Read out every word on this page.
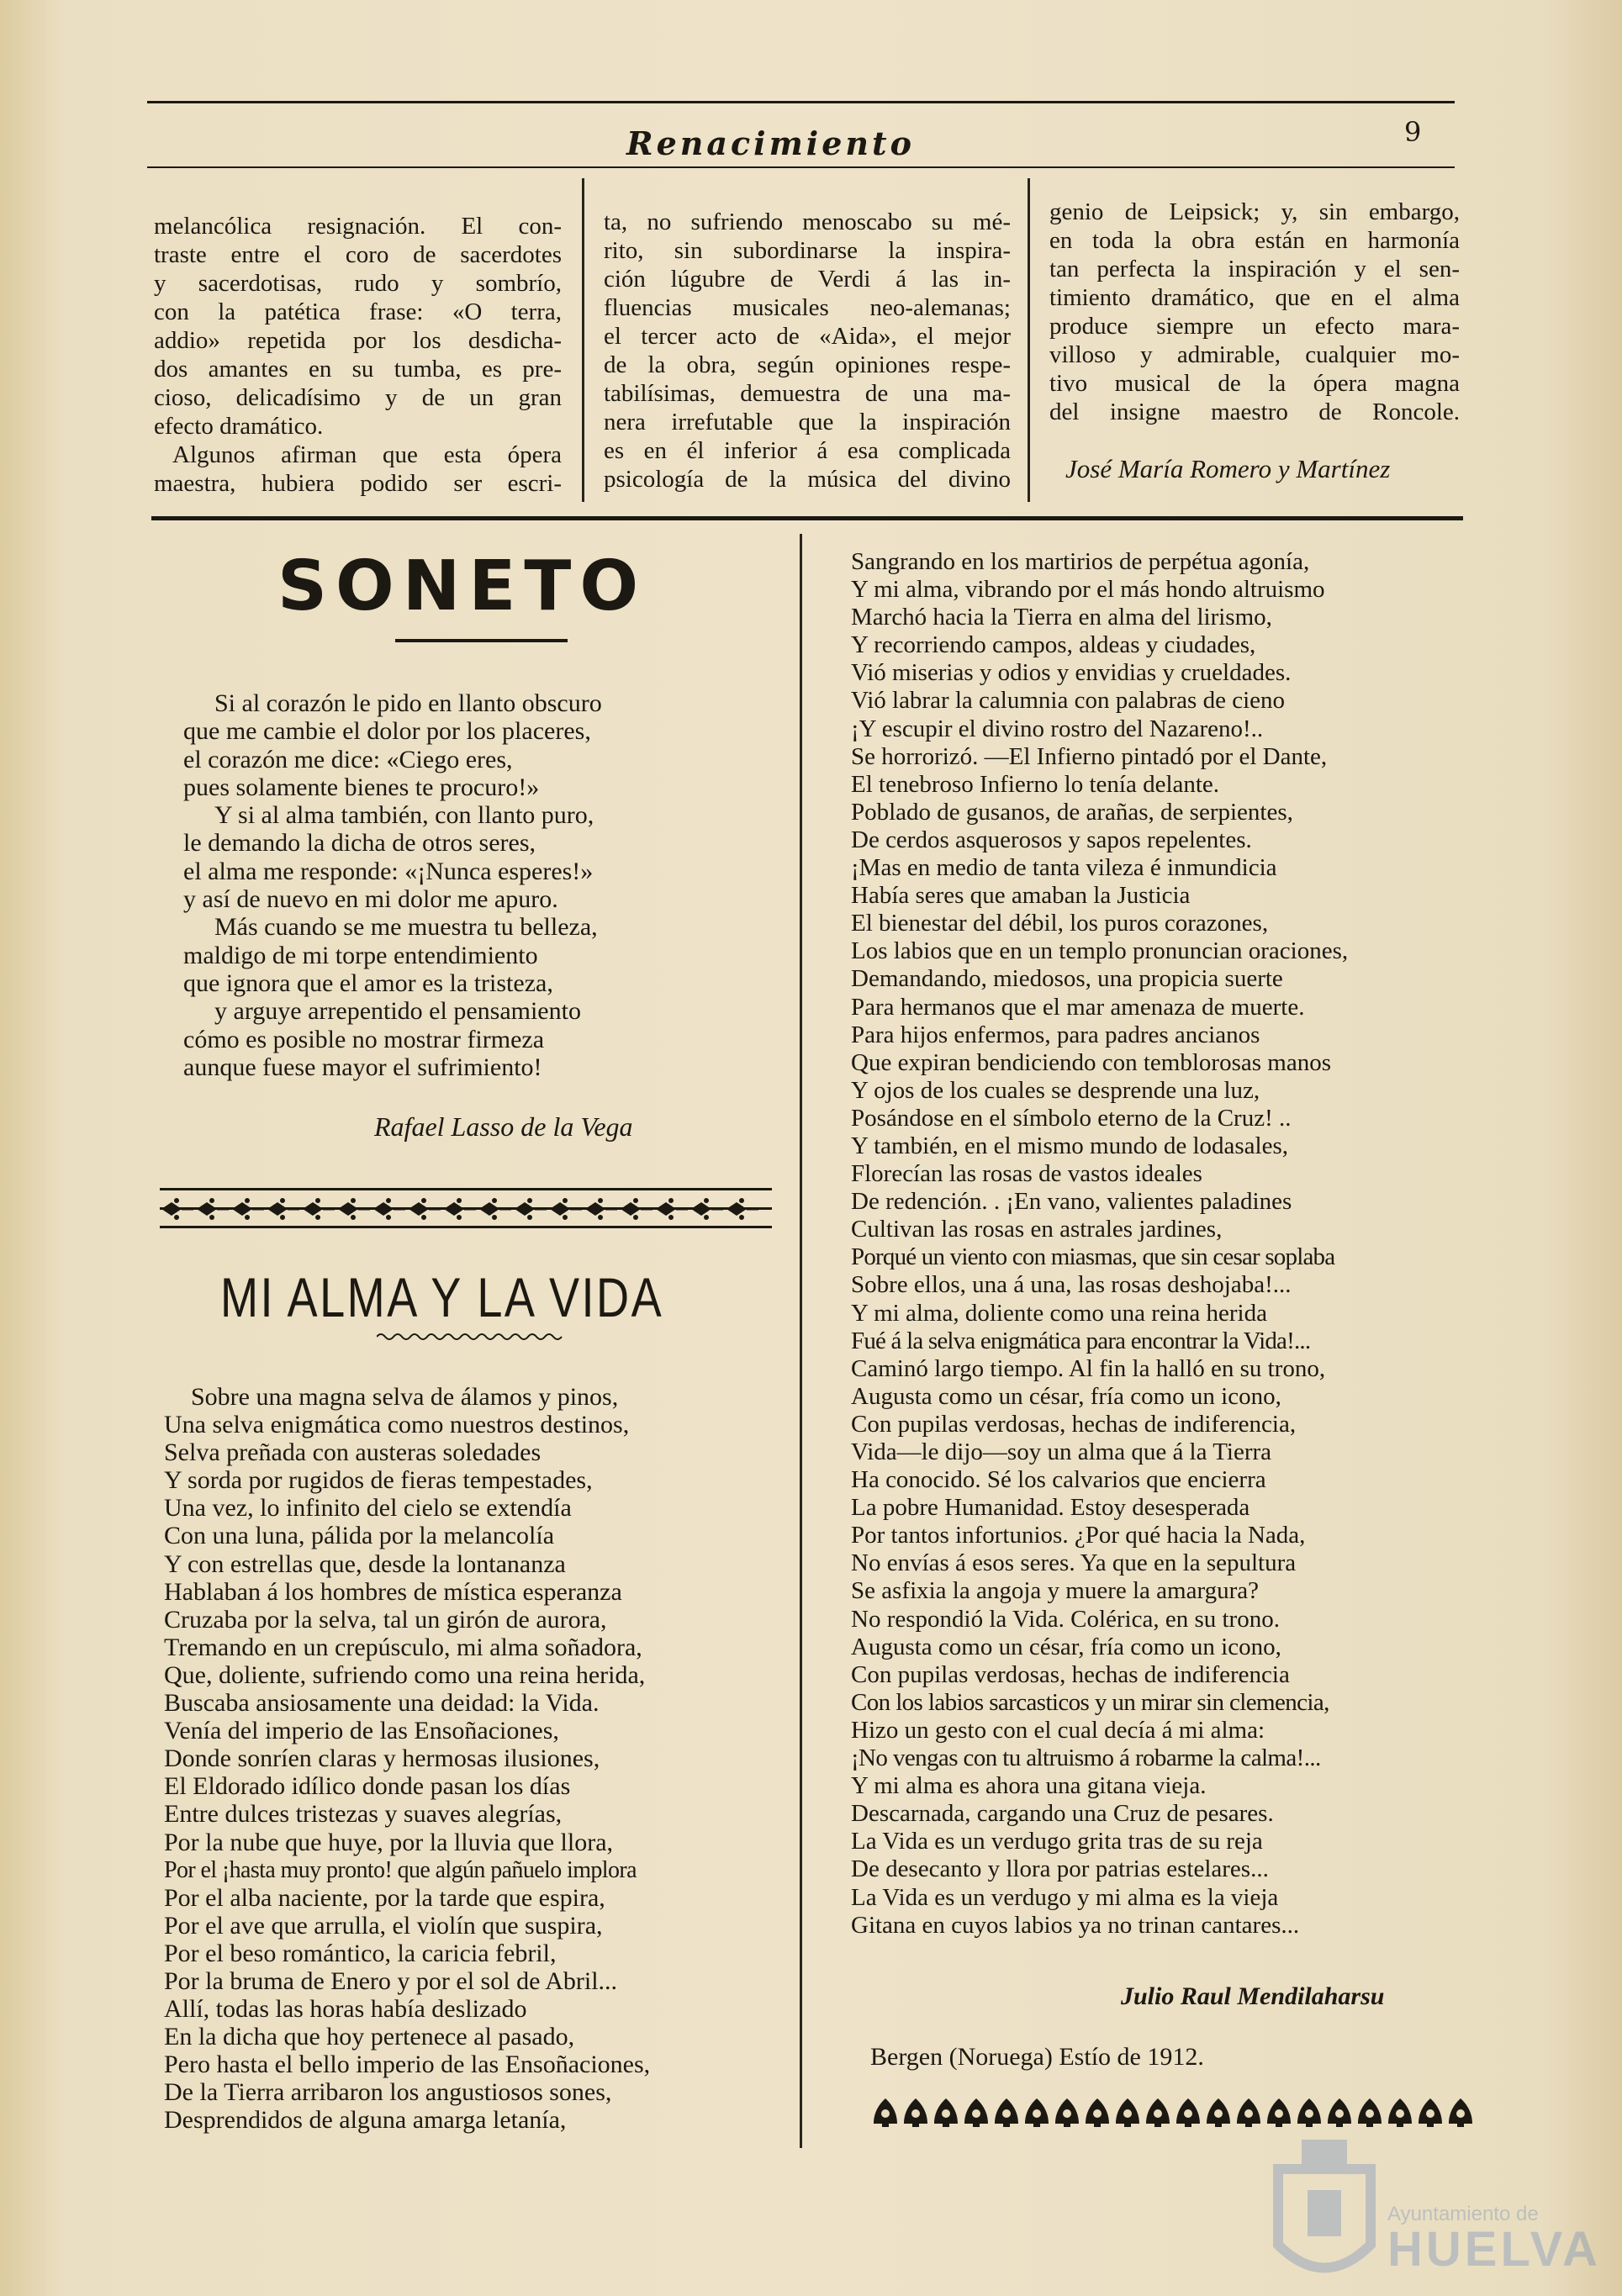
Renacimiento	9
melancólica resignación. El con-
traste entre el coro de sacerdotes
y sacerdotisas, rudo y sombrío,
con la patética frase: «O terra,
addio» repetida por los desdicha-
dos amantes en su tumba, es pre-
cioso, delicadísimo y de un gran
efecto dramático.
Algunos afirman que esta ópera
maestra, hubiera podido ser escri-
ta, no sufriendo menoscabo su mé-
rito, sin subordinarse la inspira-
ción lúgubre de Verdi á las in-
fluencias musicales neo-alemanas;
el tercer acto de «Aida», el mejor
de la obra, según opiniones respe-
tabilísimas, demuestra de una ma-
nera irrefutable que la inspiración
es en él inferior á esa complicada
psicología de la música del divino
genio de Leipsick; y, sin embargo,
en toda la obra están en harmonía
tan perfecta la inspiración y el sen-
timiento dramático, que en el alma
produce siempre un efecto mara-
villoso y admirable, cualquier mo-
tivo musical de la ópera magna
del insigne maestro de Roncole.
José María Romero y Martínez
SONETO
Si al corazón le pido en llanto obscuro
que me cambie el dolor por los placeres,
el corazón me dice: «Ciego eres,
pues solamente bienes te procuro!»
Y si al alma también, con llanto puro,
le demando la dicha de otros seres,
el alma me responde: «¡Nunca esperes!»
y así de nuevo en mi dolor me apuro.
Más cuando se me muestra tu belleza,
maldigo de mi torpe entendimiento
que ignora que el amor es la tristeza,
y arguye arrepentido el pensamiento
cómo es posible no mostrar firmeza
aunque fuese mayor el sufrimiento!
Rafael Lasso de la Vega
MI ALMA Y LA VIDA
Sobre una magna selva de álamos y pinos,
Una selva enigmática como nuestros destinos,
Selva preñada con austeras soledades
Y sorda por rugidos de fieras tempestades,
Una vez, lo infinito del cielo se extendía
Con una luna, pálida por la melancolía
Y con estrellas que, desde la lontananza
Hablaban á los hombres de mística esperanza
Cruzaba por la selva, tal un girón de aurora,
Tremando en un crepúsculo, mi alma soñadora,
Que, doliente, sufriendo como una reina herida,
Buscaba ansiosamente una deidad: la Vida.
Venía del imperio de las Ensoñaciones,
Donde sonríen claras y hermosas ilusiones,
El Eldorado idílico donde pasan los días
Entre dulces tristezas y suaves alegrías,
Por la nube que huye, por la lluvia que llora,
Por el ¡hasta muy pronto! que algún pañuelo implora
Por el alba naciente, por la tarde que espira,
Por el ave que arrulla, el violín que suspira,
Por el beso romántico, la caricia febril,
Por la bruma de Enero y por el sol de Abril...
Allí, todas las horas había deslizado
En la dicha que hoy pertenece al pasado,
Pero hasta el bello imperio de las Ensoñaciones,
De la Tierra arribaron los angustiosos sones,
Desprendidos de alguna amarga letanía,
Sangrando en los martirios de perpétua agonía,
Y mi alma, vibrando por el más hondo altruismo
Marchó hacia la Tierra en alma del lirismo,
Y recorriendo campos, aldeas y ciudades,
Vió miserias y odios y envidias y crueldades.
Vió labrar la calumnia con palabras de cieno
¡Y escupir el divino rostro del Nazareno!..
Se horrorizó. —El Infierno pintadó por el Dante,
El tenebroso Infierno lo tenía delante.
Poblado de gusanos, de arañas, de serpientes,
De cerdos asquerosos y sapos repelentes.
¡Mas en medio de tanta vileza é inmundicia
Había seres que amaban la Justicia
El bienestar del débil, los puros corazones,
Los labios que en un templo pronuncian oraciones,
Demandando, miedosos, una propicia suerte
Para hermanos que el mar amenaza de muerte.
Para hijos enfermos, para padres ancianos
Que expiran bendiciendo con temblorosas manos
Y ojos de los cuales se desprende una luz,
Posándose en el símbolo eterno de la Cruz! ..
Y también, en el mismo mundo de lodasales,
Florecían las rosas de vastos ideales
De redención. . ¡En vano, valientes paladines
Cultivan las rosas en astrales jardines,
Porqué un viento con miasmas, que sin cesar soplaba
Sobre ellos, una á una, las rosas deshojaba!...
Y mi alma, doliente como una reina herida
Fué á la selva enigmática para encontrar la Vida!...
Caminó largo tiempo. Al fin la halló en su trono,
Augusta como un césar, fría como un icono,
Con pupilas verdosas, hechas de indiferencia,
Vida—le dijo—soy un alma que á la Tierra
Ha conocido. Sé los calvarios que encierra
La pobre Humanidad. Estoy desesperada
Por tantos infortunios. ¿Por qué hacia la Nada,
No envías á esos seres. Ya que en la sepultura
Se asfixia la angoja y muere la amargura?
No respondió la Vida. Colérica, en su trono.
Augusta como un césar, fría como un icono,
Con pupilas verdosas, hechas de indiferencia
Con los labios sarcasticos y un mirar sin clemencia,
Hizo un gesto con el cual decía á mi alma:
¡No vengas con tu altruismo á robarme la calma!...
Y mi alma es ahora una gitana vieja.
Descarnada, cargando una Cruz de pesares.
La Vida es un verdugo grita tras de su reja
De desecanto y llora por patrias estelares...
La Vida es un verdugo y mi alma es la vieja
Gitana en cuyos labios ya no trinan cantares...
Julio Raul Mendilaharsu
Bergen (Noruega) Estío de 1912.
Ayuntamiento de
HUELVA
